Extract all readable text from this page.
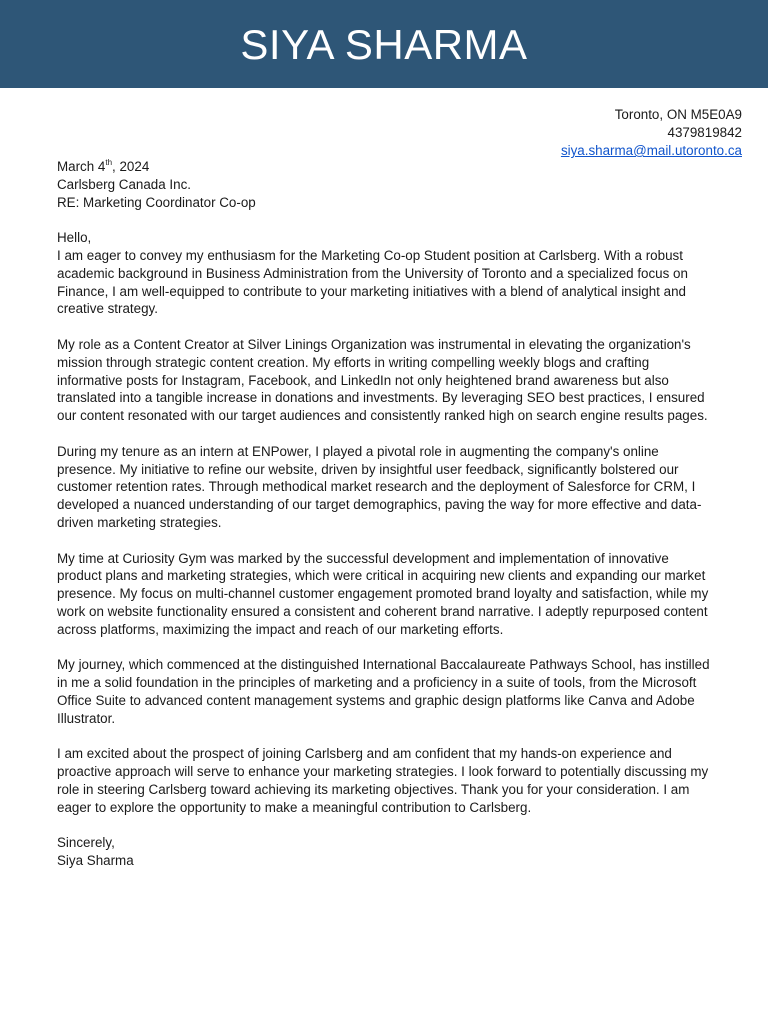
SIYA SHARMA
Toronto, ON M5E0A9
4379819842
siya.sharma@mail.utoronto.ca

March 4th, 2024

Carlsberg Canada Inc.

RE: Marketing Coordinator Co-op

Hello,

I am eager to convey my enthusiasm for the Marketing Co-op Student position at Carlsberg. With a robust academic background in Business Administration from the University of Toronto and a specialized focus on Finance, I am well-equipped to contribute to your marketing initiatives with a blend of analytical insight and creative strategy.

My role as a Content Creator at Silver Linings Organization was instrumental in elevating the organization's mission through strategic content creation. My efforts in writing compelling weekly blogs and crafting informative posts for Instagram, Facebook, and LinkedIn not only heightened brand awareness but also translated into a tangible increase in donations and investments. By leveraging SEO best practices, I ensured our content resonated with our target audiences and consistently ranked high on search engine results pages.

During my tenure as an intern at ENPower, I played a pivotal role in augmenting the company's online presence. My initiative to refine our website, driven by insightful user feedback, significantly bolstered our customer retention rates. Through methodical market research and the deployment of Salesforce for CRM, I developed a nuanced understanding of our target demographics, paving the way for more effective and data-driven marketing strategies.

My time at Curiosity Gym was marked by the successful development and implementation of innovative product plans and marketing strategies, which were critical in acquiring new clients and expanding our market presence. My focus on multi-channel customer engagement promoted brand loyalty and satisfaction, while my work on website functionality ensured a consistent and coherent brand narrative. I adeptly repurposed content across platforms, maximizing the impact and reach of our marketing efforts.

My journey, which commenced at the distinguished International Baccalaureate Pathways School, has instilled in me a solid foundation in the principles of marketing and a proficiency in a suite of tools, from the Microsoft Office Suite to advanced content management systems and graphic design platforms like Canva and Adobe Illustrator.

I am excited about the prospect of joining Carlsberg and am confident that my hands-on experience and proactive approach will serve to enhance your marketing strategies. I look forward to potentially discussing my role in steering Carlsberg toward achieving its marketing objectives. Thank you for your consideration. I am eager to explore the opportunity to make a meaningful contribution to Carlsberg.

Sincerely,

Siya Sharma
